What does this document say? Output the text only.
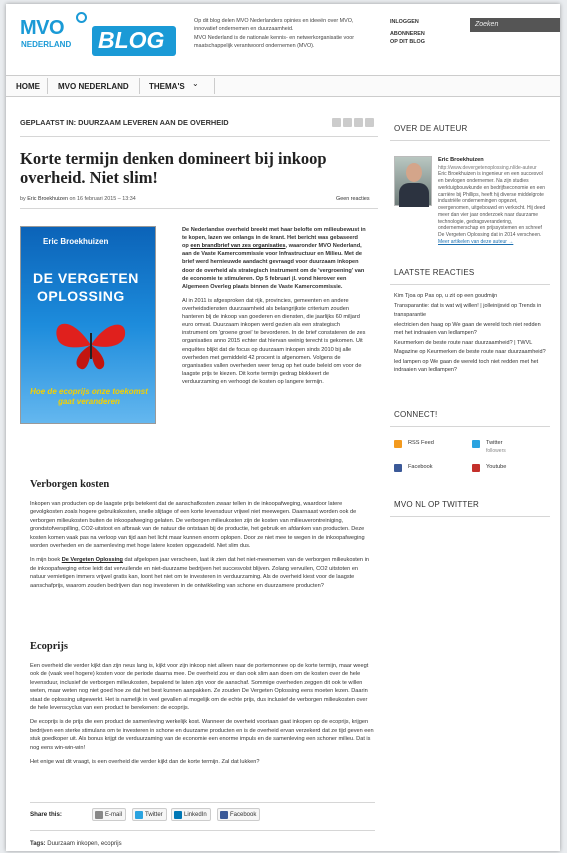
MVO
NEDERLAND BLOG

Op dit blog delen MVO Nederlanders opinies en ideeën over MVO, innovatief ondernemen en duurzaamheid.

MVO Nederland is de nationale kennis- en netwerkorganisatie voor maatschappelijk verantwoord ondernemen (MVO).

INLOGGEN
ABONNEREN
OP DIT BLOG
Zoeken
HOME MVO NEDERLAND	THEMA'S ⌄
GEPLAATST IN: DUURZAAM LEVEREN AAN DE OVERHEID
Korte termijn denken domineert bij inkoop overheid. Niet slim!
by Eric Broekhuizen on 16 februari 2015 – 13:34	Geen reacties
Eric Broekhuizen
DE VERGETEN
OPLOSSING
Hoe de ecoprijs onze toekomst gaat veranderen

De Nederlandse overheid breekt met haar belofte om milieubewust in te kopen, lazen we onlangs in de krant. Het bericht was gebaseerd op een brandbrief van zes organisaties, waaronder MVO Nederland, aan de Vaste Kamercommissie voor Infrastructuur en Milieu. Met de brief werd hernieuwde aandacht gevraagd voor duurzaam inkopen door de overheid als strategisch instrument om de 'vergroening' van de economie te stimuleren. Op 5 februari jl. vond hierover een Algemeen Overleg plaats binnen de Vaste Kamercommissie.

Al in 2011 is afgesproken dat rijk, provincies, gemeenten en andere overheidsdiensten duurzaamheid als belangrijkste criterium zouden hanteren bij de inkoop van goederen en diensten, die jaarlijks 60 miljard euro omvat. Duurzaam inkopen werd gezien als een strategisch instrument om 'groene groei' te bevorderen. In de brief constateren de zes organisaties anno 2015 echter dat hiervan weinig terecht is gekomen. Uit enquêtes blijkt dat de focus op duurzaam inkopen sinds 2010 bij alle overheden met gemiddeld 42 procent is afgenomen. Volgens de organisaties vallen overheden weer terug op het oude beleid om voor de laagste prijs te kiezen. Dit korte termijn gedrag blokkeert de verduurzaming en verhoogt de kosten op langere termijn.

Verborgen kosten

Inkopen van producten op de laagste prijs betekent dat de aanschafkosten zwaar tellen in de inkoopafweging, waardoor latere gevolgkosten zoals hogere gebruikskosten, snelle slijtage of een korte levensduur vrijwel niet meewegen. Daarnaast worden ook de verborgen milieukosten buiten de inkoopafweging gelaten. De verborgen milieukosten zijn de kosten van milieuverontreiniging, grondstofverspilling, CO2-uitstoot en afbraak van de natuur die ontstaan bij de productie, het gebruik en afdanken van producten. Deze kosten komen vaak pas na verloop van tijd aan het licht maar kunnen enorm oplopen. Door ze niet mee te wegen in de inkoopafweging worden overheden en de samenleving met hoge latere kosten opgezadeld. Niet slim dus.

In mijn boek De Vergeten Oplossing dat afgelopen jaar verscheen, laat ik zien dat het niet-meenemen van de verborgen milieukosten in de inkoopafweging ertoe leidt dat vervuilende en niet-duurzame bedrijven het succesvolst blijven. Zolang vervuilen, CO2 uitstoten en natuur vernietigen immers vrijwel gratis kan, loont het niet om te investeren in verduurzaming. Als de overheid kiest voor de laagste aanschafprijs, waarom zouden bedrijven dan nog investeren in de ontwikkeling van schone en duurzamere producten?

Ecoprijs

Een overheid die verder kijkt dan zijn neus lang is, kijkt voor zijn inkoop niet alleen naar de portemonnee op de korte termijn, maar weegt ook de (vaak veel hogere) kosten voor de periode daarna mee. De overheid zou er dan ook slim aan doen om de kosten over de hele levensduur, inclusief de verborgen milieukosten, bepalend te laten zijn voor de aanschaf. Sommige overheden zeggen dit ook te willen weten, maar weten nog niet goed hoe ze dat het best kunnen aanpakken. Ze zouden De Vergeten Oplossing eens moeten lezen. Daarin staat de oplossing uitgewerkt. Het is namelijk in veel gevallen al mogelijk om de echte prijs, dus inclusief de verborgen milieukosten over de hele levenscyclus van een product te berekenen: de ecoprijs.

De ecoprijs is de prijs die een product de samenleving werkelijk kost. Wanneer de overheid voortaan gaat inkopen op de ecoprijs, krijgen bedrijven een sterke stimulans om te investeren in schone en duurzame producten en is de overheid ervan verzekerd dat ze tijd geven een stuk goedkoper uit. Als bonus krijgt de verduurzaming van de economie een enorme impuls en de samenleving een schoner milieu. Dat is nog eens win-win-win!

Het enige wat dit vraagt, is een overheid die verder kijkt dan de korte termijn. Zal dat lukken?

Share this:	E-mail	Twitter	LinkedIn	Facebook
Tags: Duurzaam inkopen, ecoprijs
OVER DE AUTEUR
Eric Broekhuizen
http://www.devergetenoplossing.nl/de-auteur
Eric Broekhuizen is ingenieur en een succesvol en bevlogen ondernemer. Na zijn studies werktuigbouwkunde en bedrijfseconomie en een carrière bij Phillips, heeft hij diverse middelgrote industriële ondernemingen opgezet, overgenomen, uitgebouwd en verkocht. Hij deed meer dan vier jaar onderzoek naar duurzame technologie, gedragsverandering, ondernemerschap en prijssystemen en schreef De Vergeten Oplossing dat in 2014 verscheen.
Meer artikelen van deze auteur →
LAATSTE REACTIES
Kim Tjoa op Pas op, u zit op een goudmijn
Transparantie: dat is wat wij willen! | jolleinijsvid op Trends in transparantie
electricien den haag op We gaan de wereld toch niet redden met het indraaien van ledlampen?
Keurmerken de beste route naar duurzaamheid? | TWVL Magazine op Keurmerken de beste route naar duurzaamheid?
led lampen op We gaan de wereld toch niet redden met het indraaien van ledlampen?
CONNECT!
RSS Feed	Twitter
followers
Facebook	Youtube
MVO NL OP TWITTER
